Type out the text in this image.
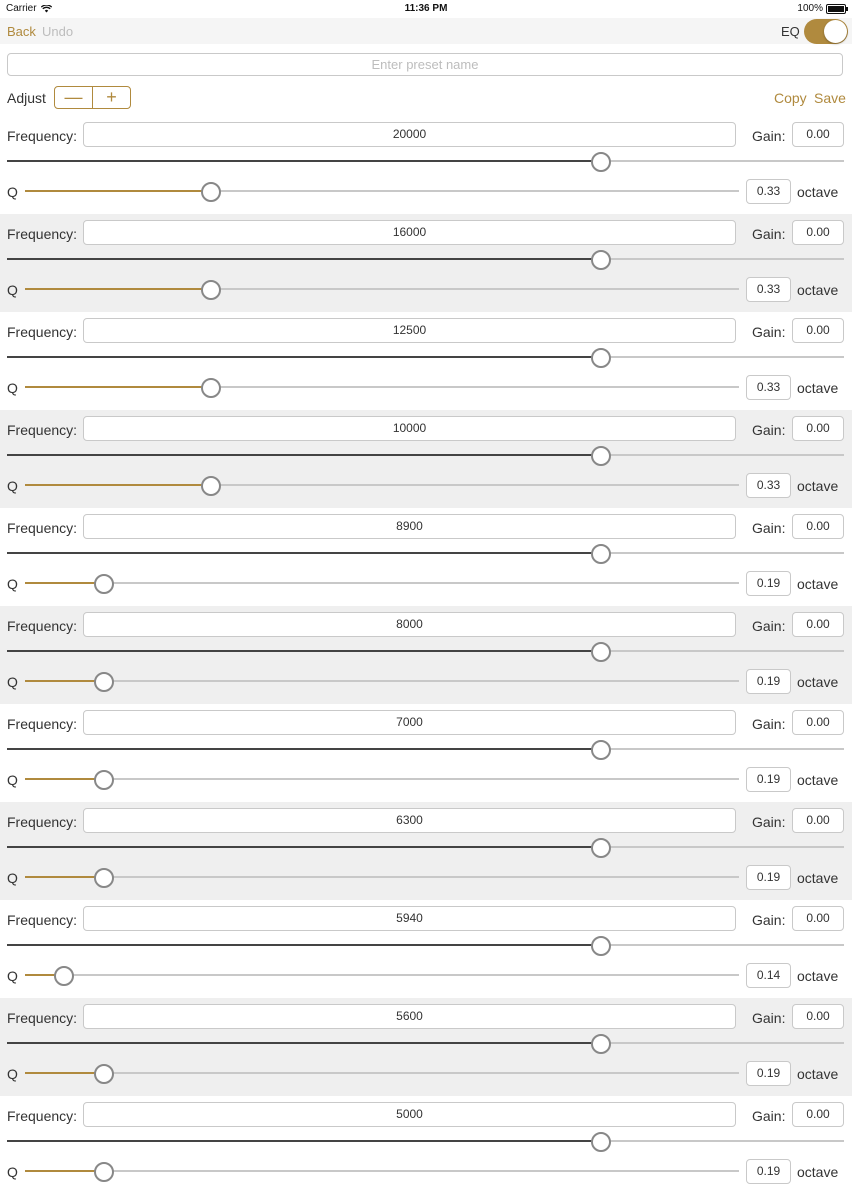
Carrier	11:36 PM	100%
Back Undo	EQ
Enter preset name
Adjust	—	+	Copy Save
Frequency:	20000	Gain:	0.00
Q	0.33	octave
Frequency:	16000	Gain:	0.00
Q	0.33	octave
Frequency:	12500	Gain:	0.00
Q	0.33	octave
Frequency:	10000	Gain:	0.00
Q	0.33	octave
Frequency:	8900	Gain:	0.00
Q	0.19	octave
Frequency:	8000	Gain:	0.00
Q	0.19	octave
Frequency:	7000	Gain:	0.00
Q	0.19	octave
Frequency:	6300	Gain:	0.00
Q	0.19	octave
Frequency:	5940	Gain:	0.00
Q	0.14	octave
Frequency:	5600	Gain:	0.00
Q	0.19	octave
Frequency:	5000	Gain:	0.00
Q	0.19	octave
